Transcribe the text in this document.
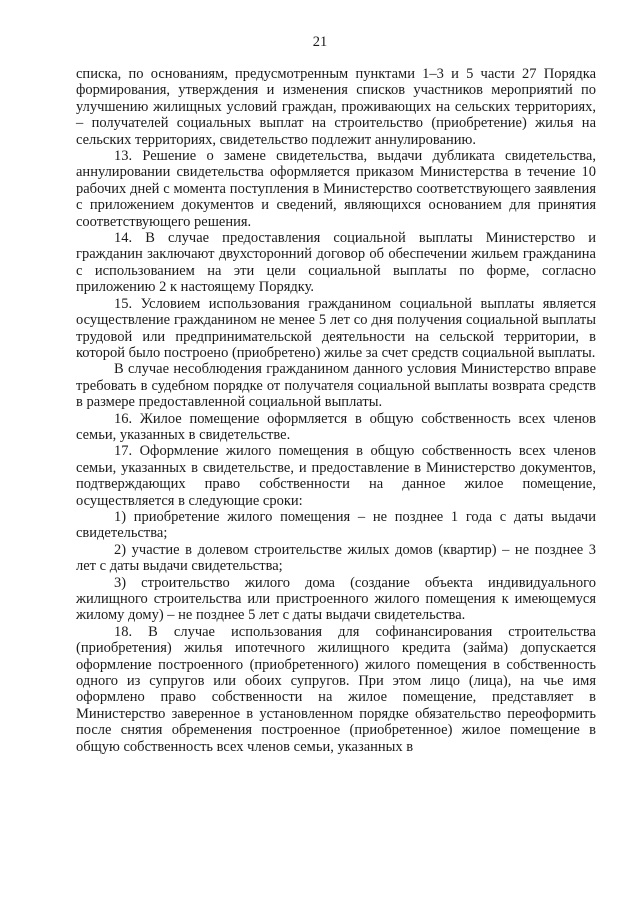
21

списка, по основаниям, предусмотренным пунктами 1–3 и 5 части 27 Порядка формирования, утверждения и изменения списков участников мероприятий по улучшению жилищных условий граждан, проживающих на сельских территориях, – получателей социальных выплат на строительство (приобретение) жилья на сельских территориях, свидетельство подлежит аннулированию.

13. Решение о замене свидетельства, выдачи дубликата свидетельства, аннулировании свидетельства оформляется приказом Министерства в течение 10 рабочих дней с момента поступления в Министерство соответствующего заявления с приложением документов и сведений, являющихся основанием для принятия соответствующего решения.

14. В случае предоставления социальной выплаты Министерство и гражданин заключают двухсторонний договор об обеспечении жильем гражданина с использованием на эти цели социальной выплаты по форме, согласно приложению 2 к настоящему Порядку.

15. Условием использования гражданином социальной выплаты является осуществление гражданином не менее 5 лет со дня получения социальной выплаты трудовой или предпринимательской деятельности на сельской территории, в которой было построено (приобретено) жилье за счет средств социальной выплаты.

В случае несоблюдения гражданином данного условия Министерство вправе требовать в судебном порядке от получателя социальной выплаты возврата средств в размере предоставленной социальной выплаты.

16. Жилое помещение оформляется в общую собственность всех членов семьи, указанных в свидетельстве.

17. Оформление жилого помещения в общую собственность всех членов семьи, указанных в свидетельстве, и предоставление в Министерство документов, подтверждающих право собственности на данное жилое помещение, осуществляется в следующие сроки:

1) приобретение жилого помещения – не позднее 1 года с даты выдачи свидетельства;

2) участие в долевом строительстве жилых домов (квартир) – не позднее 3 лет с даты выдачи свидетельства;

3) строительство жилого дома (создание объекта индивидуального жилищного строительства или пристроенного жилого помещения к имеющемуся жилому дому) – не позднее 5 лет с даты выдачи свидетельства.

18. В случае использования для софинансирования строительства (приобретения) жилья ипотечного жилищного кредита (займа) допускается оформление построенного (приобретенного) жилого помещения в собственность одного из супругов или обоих супругов. При этом лицо (лица), на чье имя оформлено право собственности на жилое помещение, представляет в Министерство заверенное в установленном порядке обязательство переоформить после снятия обременения построенное (приобретенное) жилое помещение в общую собственность всех членов семьи, указанных в
